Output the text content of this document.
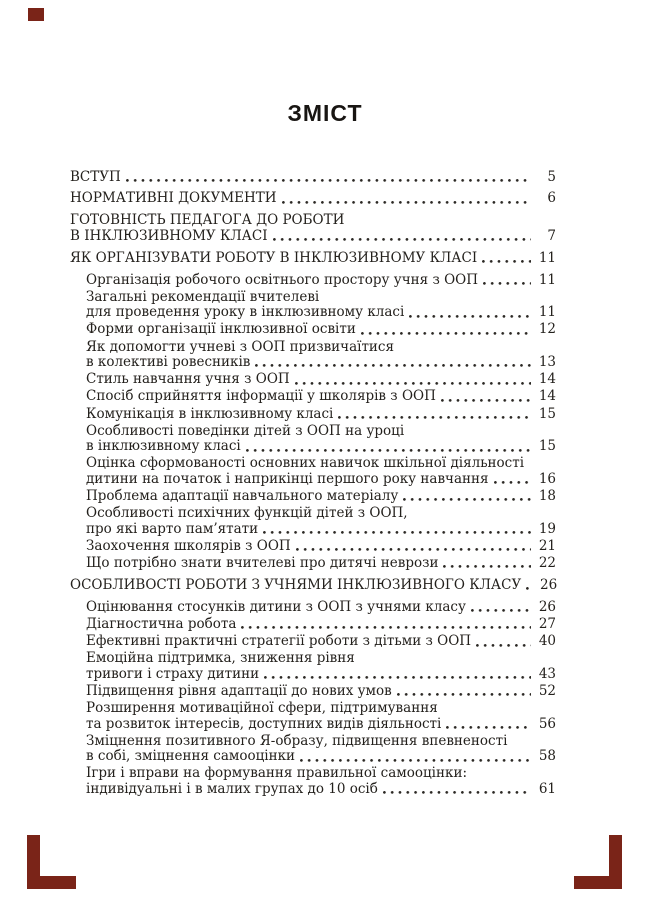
ЗМІСТ
ВСТУП	5
НОРМАТИВНІ ДОКУМЕНТИ	6
ГОТОВНІСТЬ ПЕДАГОГА ДО РОБОТИ
В ІНКЛЮЗИВНОМУ КЛАСІ	7
ЯК ОРГАНІЗУВАТИ РОБОТУ В ІНКЛЮЗИВНОМУ КЛАСІ	11
Організація робочого освітнього простору учня з ООП	11
Загальні рекомендації вчителеві
для проведення уроку в інклюзивному класі	11
Форми організації інклюзивної освіти	12
Як допомогти учневі з ООП призвичаїтися
в колективі ровесників	13
Стиль навчання учня з ООП	14
Спосіб сприйняття інформації у школярів з ООП	14
Комунікація в інклюзивному класі	15
Особливості поведінки дітей з ООП на уроці
в інклюзивному класі	15
Оцінка сформованості основних навичок шкільної діяльності
дитини на початок і наприкінці першого року навчання	16
Проблема адаптації навчального матеріалу	18
Особливості психічних функцій дітей з ООП,
про які варто пам’ятати	19
Заохочення школярів з ООП	21
Що потрібно знати вчителеві про дитячі неврози	22
ОСОБЛИВОСТІ РОБОТИ З УЧНЯМИ ІНКЛЮЗИВНОГО КЛАСУ 26
Оцінювання стосунків дитини з ООП з учнями класу	26
Діагностична робота	27
Ефективні практичні стратегії роботи з дітьми з ООП	40
Емоційна підтримка, зниження рівня
тривоги і страху дитини	43
Підвищення рівня адаптації до нових умов	52
Розширення мотиваційної сфери, підтримування
та розвиток інтересів, доступних видів діяльності	56
Зміцнення позитивного Я-образу, підвищення впевненості
в собі, зміцнення самооцінки	58
Ігри і вправи на формування правильної самооцінки:
індивідуальні і в малих групах до 10 осіб	61
